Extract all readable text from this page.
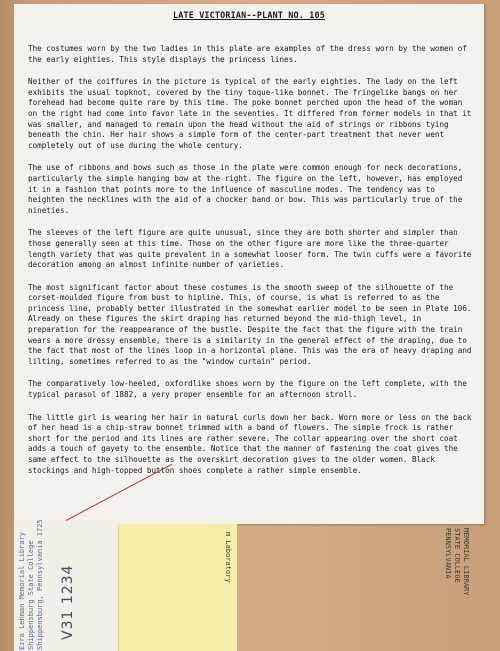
LATE VICTORIAN--PLANT NO. 105

The costumes worn by the two ladies in this plate are examples of the dress worn by the women of the early eighties. This style displays the princess lines.

Neither of the coiffures in the picture is typical of the early eighties. The lady on the left exhibits the usual topknot, covered by the tiny toque-like bonnet. The fringelike bangs on her forehead had become quite rare by this time. The poke bonnet perched upon the head of the woman on the right had come into favor late in the seventies. It differed from former models in that it was smaller, and managed to remain upon the head without the aid of strings or ribbons tying beneath the chin. Her hair shows a simple form of the center-part treatment that never went completely out of use during the whole century.

The use of ribbons and bows such as those in the plate were common enough for neck decorations, particularly the simple hanging bow at the right. The figure on the left, however, has employed it in a fashion that points more to the influence of masculine modes. The tendency was to heighten the necklines with the aid of a chocker band or bow. This was particularly true of the nineties.

The sleeves of the left figure are quite unusual, since they are both shorter and simpler than those generally seen at this time. Those on the other figure are more like the three-quarter length variety that was quite prevalent in a somewhat looser form. The twin cuffs were a favorite decoration among an almost infinite number of varieties.

The most significant factor about these costumes is the smooth sweep of the silhouette of the corset-moulded figure from bust to hipline. This, of course, is what is referred to as the princess line, probably better illustrated in the somewhat earlier model to be seen in Plate 106. Already on these figures the skirt draping has returned beyond the mid-thigh level, in preparation for the reappearance of the bustle. Despite the fact that the figure with the train wears a more dressy ensemble, there is a similarity in the general effect of the draping, due to the fact that most of the lines loop in a horizontal plane. This was the era of heavy draping and lilting, sometimes referred to as the "window curtain" period.

The comparatively low-heeled, oxfordlike shoes worn by the figure on the left complete, with the typical parasol of 1882, a very proper ensemble for an afternoon stroll.

The little girl is wearing her hair in natural curls down her back. Worn more or less on the back of her head is a chip-straw bonnet trimmed with a band of flowers. The simple frock is rather short for the period and its lines are rather severe. The collar appearing over the short coat adds a touch of gayety to the ensemble. Notice that the manner of fastening the coat gives the same effect to the silhouette as the overskirt decoration gives to the older women. Black stockings and high-topped button shoes complete a rather simple ensemble.

Ezra Lehman Memorial Library Shippensburg State College Shippensburg, Pennsylvania 1725 V31 1234
m Laboratory	MEMORIAL LIBRARY
STATE COLLEGE
PENNSYLVANIA
